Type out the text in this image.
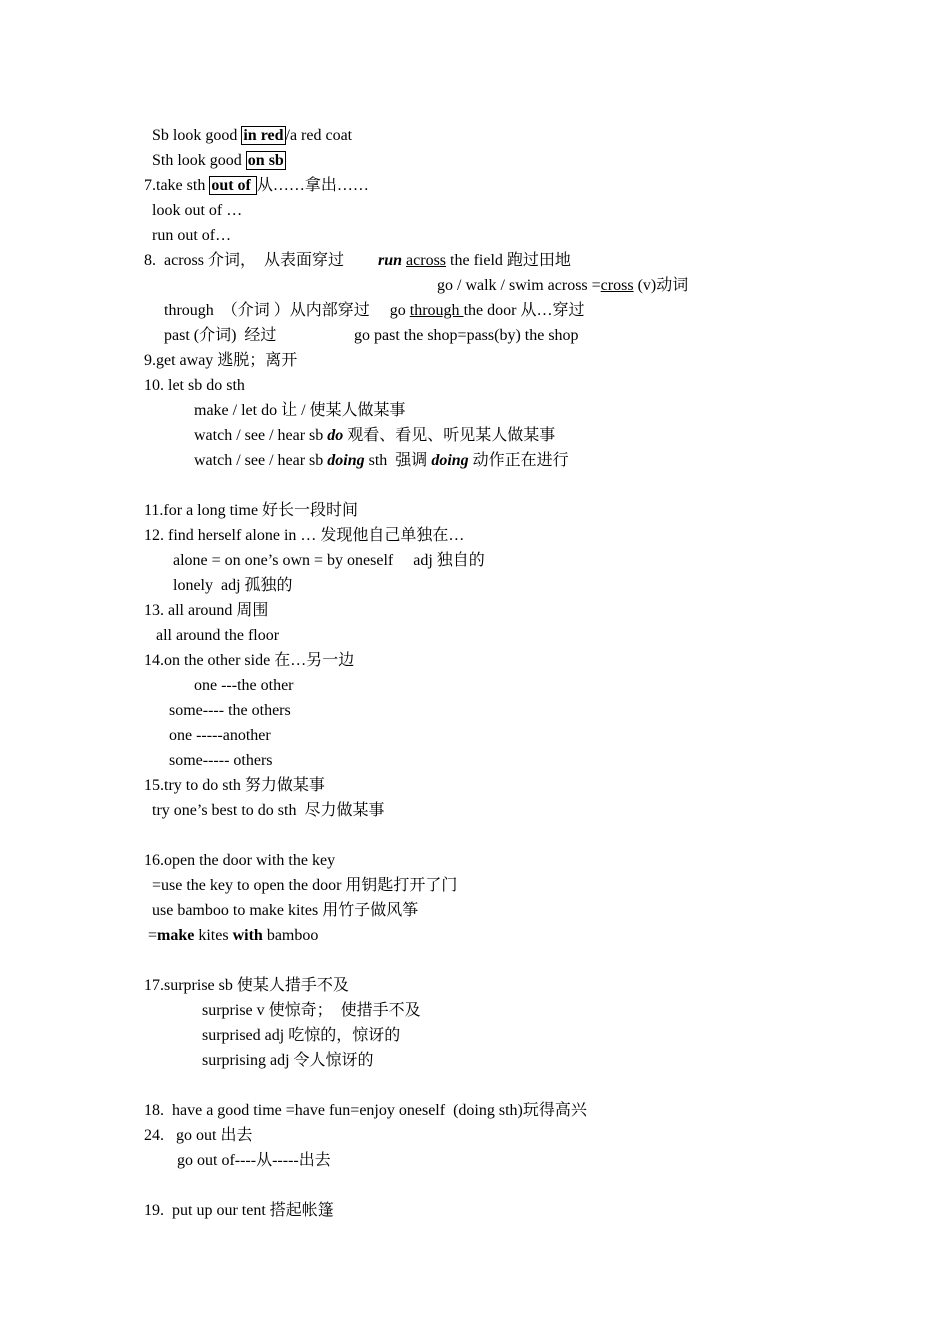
Sb look good in red /a red coat
Sth look good on sb
7.take sth out of 从……拿出……
look out of …
run out of…
8.  across 介词，  从表面穿过 run across the field 跑过田地
go / walk / swim across =cross (v)动词
through  （介词 ）从内部穿过 go through the door 从…穿过
past (介词)  经过	go past the shop=pass(by) the shop
9.get away 逃脱；离开
10. let sb do sth
make / let do 让 / 使某人做某事
watch / see / hear sb do 观看、看见、听见某人做某事
watch / see / hear sb doing sth  强调 doing 动作正在进行
11.for a long time 好长一段时间
12. find herself alone in … 发现他自己单独在…
alone = on one’s own = by oneself     adj 独自的
lonely  adj 孤独的
13. all around 周围
all around the floor
14.on the other side 在…另一边
one ---the other
some---- the others
one -----another
some----- others
15.try to do sth 努力做某事
try one’s best to do sth  尽力做某事
16.open the door with the key
=use the key to open the door 用钥匙打开了门
use bamboo to make kites 用竹子做风筝
=make kites with bamboo
17.surprise sb 使某人措手不及
surprise v 使惊奇；  使措手不及
surprised adj 吃惊的，惊讶的
surprising adj 令人惊讶的
18.  have a good time =have fun=enjoy oneself  (doing sth)玩得高兴
24.   go out 出去
go out of----从-----出去
19.  put up our tent 搭起帐篷
